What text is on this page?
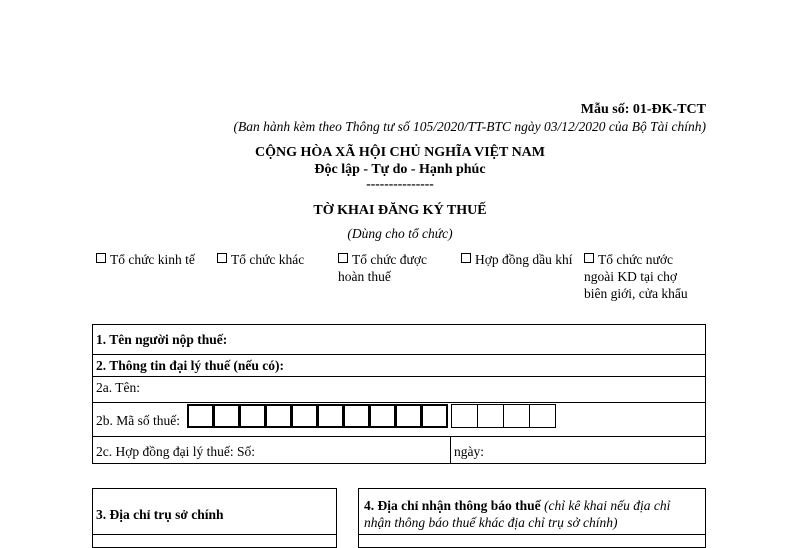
Mẫu số: 01-ĐK-TCT
(Ban hành kèm theo Thông tư số 105/2020/TT-BTC ngày 03/12/2020 của Bộ Tài chính)
CỘNG HÒA XÃ HỘI CHỦ NGHĨA VIỆT NAM
Độc lập - Tự do - Hạnh phúc
---------------
TỜ KHAI ĐĂNG KÝ THUẾ
(Dùng cho tổ chức)
Tổ chức kinh tế	Tổ chức khác	Tổ chức được
hoàn thuế
Hợp đồng dầu khí	Tổ chức nước
ngoài KD tại chợ
biên giới, cửa khẩu
1. Tên người nộp thuế:
2. Thông tin đại lý thuế (nếu có):
2a. Tên:
2b. Mã số thuế:
2c. Hợp đồng đại lý thuế: Số:	ngày:
3. Địa chỉ trụ sở chính
4. Địa chỉ nhận thông báo thuế (chỉ kê khai nếu địa chỉ
nhận thông báo thuế khác địa chỉ trụ sở chính)
